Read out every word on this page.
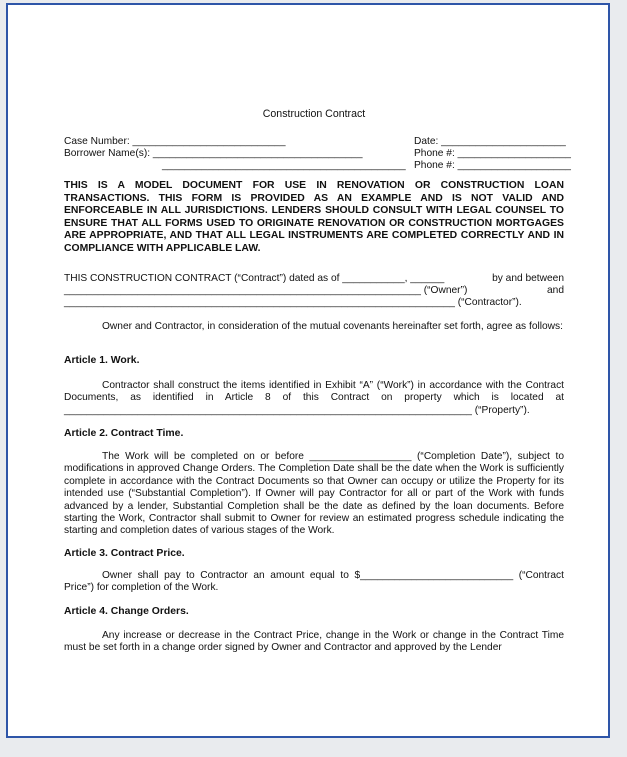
Construction Contract
Case Number: ___________________________
Borrower Name(s): _____________________________________
___________________________________________
Date: ______________________
Phone #: ____________________
Phone #: ____________________
THIS IS A MODEL DOCUMENT FOR USE IN RENOVATION OR CONSTRUCTION LOAN TRANSACTIONS. THIS FORM IS PROVIDED AS AN EXAMPLE AND IS NOT VALID AND ENFORCEABLE IN ALL JURISDICTIONS. LENDERS SHOULD CONSULT WITH LEGAL COUNSEL TO ENSURE THAT ALL FORMS USED TO ORIGINATE RENOVATION OR CONSTRUCTION MORTGAGES ARE APPROPRIATE, AND THAT ALL LEGAL INSTRUMENTS ARE COMPLETED CORRECTLY AND IN COMPLIANCE WITH APPLICABLE LAW.
by and between
THIS CONSTRUCTION CONTRACT (“Contract”) dated as of ___________, ______
and
_______________________________________________________________ (“Owner”)
_____________________________________________________________________ (“Contractor”).
Owner and Contractor, in consideration of the mutual covenants hereinafter set forth, agree as follows:
Article 1. Work.
Contractor shall construct the items identified in Exhibit “A” (“Work”) in accordance with the Contract Documents, as identified in Article 8 of this Contract on property which is located at ________________________________________________________________________ (“Property”).
Article 2. Contract Time.
The Work will be completed on or before __________________ (“Completion Date”), subject to modifications in approved Change Orders. The Completion Date shall be the date when the Work is sufficiently complete in accordance with the Contract Documents so that Owner can occupy or utilize the Property for its intended use (“Substantial Completion”). If Owner will pay Contractor for all or part of the Work with funds advanced by a lender, Substantial Completion shall be the date as defined by the loan documents. Before starting the Work, Contractor shall submit to Owner for review an estimated progress schedule indicating the starting and completion dates of various stages of the Work.
Article 3. Contract Price.
Owner shall pay to Contractor an amount equal to $___________________________ (“Contract Price”) for completion of the Work.
Article 4. Change Orders.
Any increase or decrease in the Contract Price, change in the Work or change in the Contract Time must be set forth in a change order signed by Owner and Contractor and approved by the Lender
